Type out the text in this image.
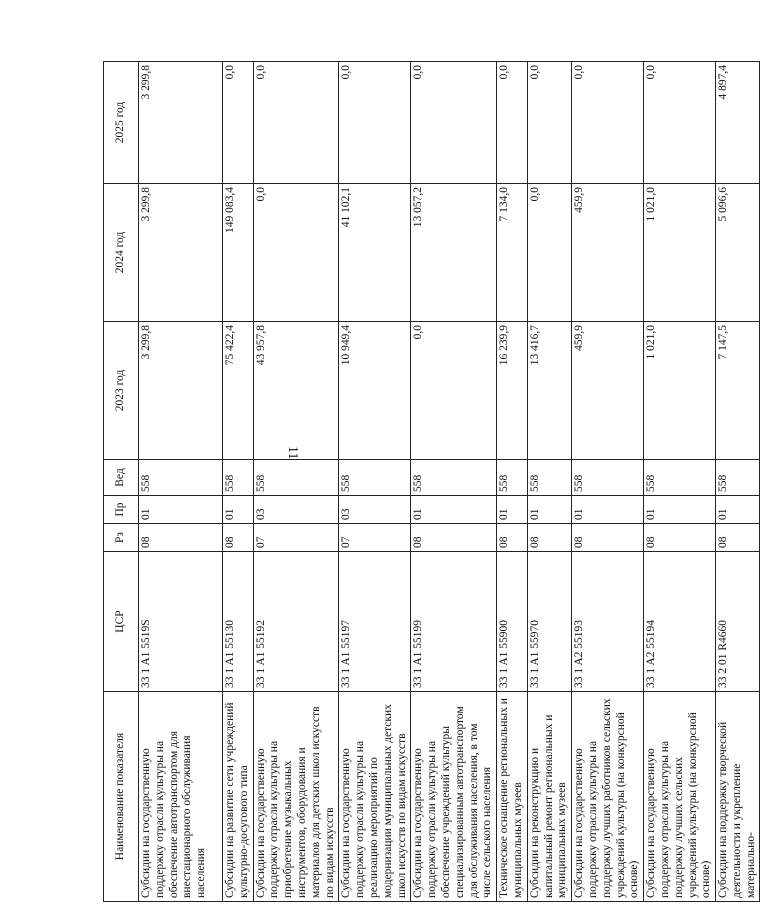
11
Наименование показателя	ЦСР	Рз	Пр	Вед	2023 год	2024 год	2025 год
Субсидии на государственную поддержку отрасли культуры на обеспечение автотранспортом для внестационарного обслуживания населения	33 1 A1 5519S	08	01	558	3 299,8	3 299,8	3 299,8
Субсидии на развитие сети учреждений культурно-досугового типа	33 1 A1 55130	08	01	558	75 422,4	149 083,4	0,0
Субсидии на государственную поддержку отрасли культуры на приобретение музыкальных инструментов, оборудования и материалов для детских школ искусств по видам искусств	33 1 A1 55192	07	03	558	43 957,8	0,0	0,0
Субсидии на государственную поддержку отрасли культуры на реализацию мероприятий по модернизации муниципальных детских школ искусств по видам искусств	33 1 A1 55197	07	03	558	10 949,4	41 102,1	0,0
Субсидии на государственную поддержку отрасли культуры на обеспечение учреждений культуры специализированным автотранспортом для обслуживания населения, в том числе сельского населения	33 1 A1 55199	08	01	558	0,0	13 057,2	0,0
Техническое оснащение региональных и муниципальных музеев	33 1 A1 55900	08	01	558	16 239,9	7 134,0	0,0
Субсидии на реконструкцию и капитальный ремонт региональных и муниципальных музеев	33 1 A1 55970	08	01	558	13 416,7	0,0	0,0
Субсидии на государственную поддержку отрасли культуры на поддержку лучших работников сельских учреждений культуры (на конкурсной основе)	33 1 A2 55193	08	01	558	459,9	459,9	0,0
Субсидии на государственную поддержку отрасли культуры на поддержку лучших сельских учреждений культуры (на конкурсной основе)	33 1 A2 55194	08	01	558	1 021,0	1 021,0	0,0
Субсидии на поддержку творческой деятельности и укрепление материально-	33 2 01 R4660	08	01	558	7 147,5	5 096,6	4 897,4
